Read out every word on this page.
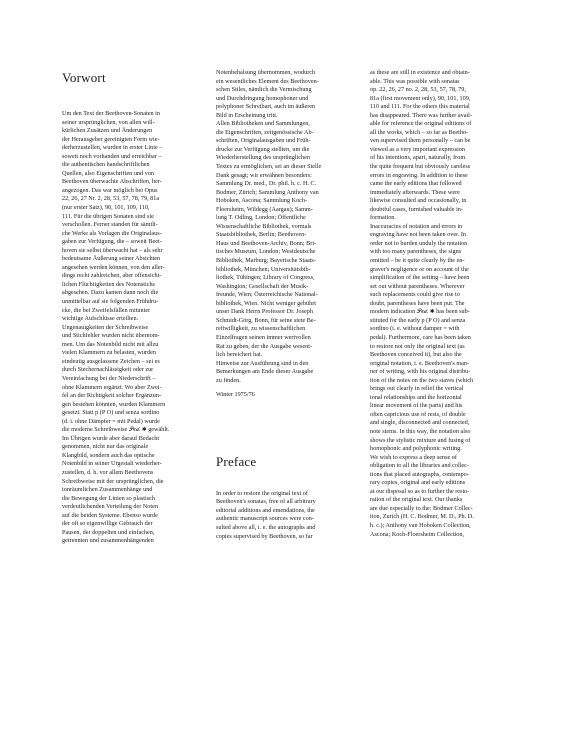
Vorwort

Um den Text der Beethoven-Sonaten in
seiner ursprünglichen, von allen will-
kürlichen Zusätzen und Änderungen
der Herausgeber gereinigten Form wie-
derherzustellen, wurden in erster Linie –
soweit noch vorhanden und erreichbar –
die authentischen handschriftlichen
Quellen, also Eigenschriften und von
Beethoven überwachte Abschriften, her-
angezogen. Das war möglich bei Opus
22, 26, 27 Nr. 2, 28, 53, 57, 78, 79, 81a
(nur erster Satz), 90, 101, 109, 110,
111. Für die übrigen Sonaten sind sie
verschollen. Ferner standen für sämtli-
che Werke als Vorlagen die Originalaus-
gaben zur Verfügung, die – soweit Beet-
hoven sie selbst überwacht hat – als sehr
bedeutsame Äußerung seiner Absichten
angesehen werden können, von den aller-
dings recht zahlreichen, aber offensicht-
lichen Flüchtigkeiten des Notenstichs
abgesehen. Dazu kamen dann noch die
unmittelbar auf sie folgenden Frühdru-
cke, die bei Zweifelsfällen mitunter
wichtige Aufschlüsse erteilten.

Ungenauigkeiten der Schreibweise
und Stichfehler wurden nicht übernom-
men. Um das Notenbild nicht mit allzu
vielen Klammern zu belasten, wurden
eindeutig ausgelassene Zeichen – sei es
durch Stechernachlässigkeit oder zur
Vereinfachung bei der Niederschrift –
ohne Klammern ergänzt. Wo aber Zwei-
fel an der Richtigkeit solcher Ergänzun-
gen bestehen könnten, wurden Klammern
gesetzt. Statt p (P O) und senza sordino
(d. i. ohne Dämpfer = mit Pedal) wurde
die moderne Schreibweise 𝒫𝑒𝒹. ✱ gewählt.
Im Übrigen wurde aber darauf Bedacht
genommen, nicht nur das originale
Klangbild, sondern auch das optische
Notenbild in seiner Urgestalt wiederher-
zustellen, d. h. vor allem Beethovens
Schreibweise mit der ursprünglichen, die
tonräumlichen Zusammenhänge und
die Bewegung der Linien so plastisch
verdeutlichenden Verteilung der Noten
auf die beiden Systeme. Ebenso wurde
der oft so eigenwillige Gebrauch der
Pausen, der doppelten und einfachen,
getrennten und zusammenhängenden

Notenbehalsung übernommen, wodurch
ein wesentliches Element des Beethoven-
schen Stiles, nämlich die Vermischung
und Durchdringung homophoner und
polyphoner Schreibart, auch im äußeren
Bild in Erscheinung tritt.

Allen Bibliotheken und Sammlungen,
die Eigenschriften, zeitgenössische Ab-
schriften, Originalausgaben und Früh-
drucke zur Verfügung stellten, um die
Wiederherstellung des ursprünglichen
Textes zu ermöglichen, sei an dieser Stelle
Dank gesagt; wir erwähnen besonders:
Sammlung Dr. med., Dr. phil. h. c. H. C.
Bodmer, Zürich; Sammlung Anthony van
Hoboken, Ascona; Sammlung Koch-
Floersheim, Wildegg (Aargau); Samm-
lung T. Odling, London; Öffentliche
Wissenschaftliche Bibliothek, vormals
Staatsbibliothek, Berlin; Beethoven-
Haus und Beethoven-Archiv, Bonn; Bri-
tisches Museum, London; Westdeutsche
Bibliothek, Marburg; Bayerische Staats-
bibliothek, München; Universitätsbib-
liothek, Tübingen; Library of Congress,
Washington; Gesellschaft der Musik-
freunde, Wien; Österreichische National-
bibliothek, Wien. Nicht weniger gebührt
unser Dank Herrn Professor Dr. Joseph
Schmidt-Görg, Bonn, für seine stete Be-
reitwilligkeit, zu wissenschaftlichen
Einzelfragen seinen immer wertvollen
Rat zu geben, der die Ausgabe wesent-
lich bereichert hat.

Hinweise zur Ausführung sind in den
Bemerkungen am Ende dieser Ausgabe
zu finden.

Winter 1975/76

Preface

In order to restore the original text of
Beethoven's sonatas, free of all arbitrary
editorial additions and emendations, the
authentic manuscript sources were con-
sulted above all, i. e. the autographs and
copies supervised by Beethoven, so far

as these are still in existence and obtain-
able. This was possible with sonatas
op. 22, 26, 27 no. 2, 28, 53, 57, 78, 79,
81a (first movement only), 90, 101, 109,
110 and 111. For the others this material
has disappeared. There was further avail-
able for reference the original editions of
all the works, which – so far as Beetho-
ven supervised them personally – can be
viewed as a very important expression
of his intentions, apart, naturally, from
the quite frequent but obviously careless
errors in engraving. In addition to these
came the early editions that followed
immediately afterwards. These were
likewise consulted and occasionally, in
doubtful cases, furnished valuable in-
formation.

Inaccuracies of notation and errors in
engraving have not been taken over. In
order not to burden unduly the notation
with too many parentheses, the signs
omitted – be it quite clearly by the en-
graver's negligence or on account of the
simplification of the setting – have been
set out without parentheses. Wherever
such replacements could give rise to
doubt, parentheses have been put. The
modern indication 𝒫𝑒𝒹. ✱ has been sub-
stituted for the early p (P O) and senza
sordino (i. e. without damper = with
pedal). Furthermore, care has been taken
to restore not only the original text (as
Beethoven conceived it), but also the
original notation, i. e. Beethoven's man-
ner of writing, with his original distribu-
tion of the notes on the two staves (which
brings out clearly in relief the vertical
tonal relationships and the horizontal
linear movement of the parts) and his
often capricious use of rests, of double
and single, disconnected and connected,
note stems. In this way, the notation also
shows the stylistic mixture and fusing of
homophonic and polyphonic writing.

We wish to express a deep sense of
obligation to all the libraries and collec-
tions that placed autographs, contempo-
rary copies, original and early editions
at our disposal so as to further the resto-
ration of the original text. Our thanks
are due especially to the: Bodmer Collec-
tion, Zurich (H. C. Bodmer, M. D., Ph. D.
h. c.); Anthony van Hoboken Collection,
Ascona; Koch-Floersheim Collection,
